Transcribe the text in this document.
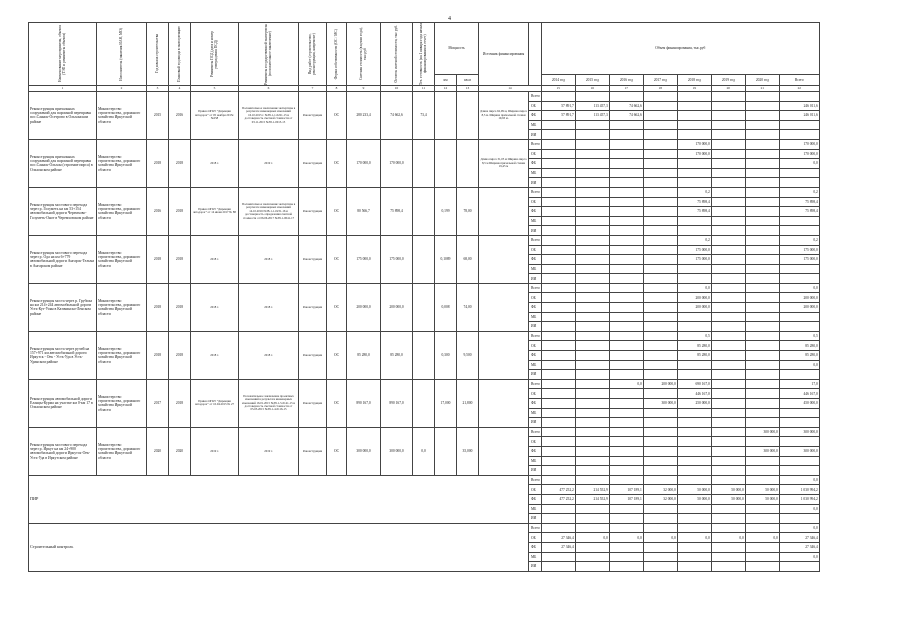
4
Наименование мероприятия, объекта (ТЭП и реквизиты объекта)	Исполнитель (заказчик ИАН, МО)	Год начала строительства	Плановый год ввода в эксплуатацию	Реквизиты ПСД (дата и номер утверждения ПСД)	Реквизиты государственной экспертизы (положительное заключение)	Вид работ (строительство, реконструкция, капремонт)	Форма собственности (ОС / МС)	Сметная стоимость (в ценах года), тыс.руб	Остаток сметной стоимости, тыс руб.	Тех. готовность (на 1 января года начала финансирования в отчет)	Мощность		Источник финансирования		Объем финансирования, тыс.руб							
											км	кв.м			2014 год	2015 год	2016 год	2017 год	2018 год	2019 год	2020 год	Всего
1	2	3	4	5	6	7	8	9	10	11	12	13	14		15	16	17	18	19	20	21	22
Реконструкция причальных сооружений для паромной переправы пос.Саянск-Осетрово в Ольхонском районе	Министерство строительства, дорожного хозяйства Иркутской области	2015	2016	Приказ ОГКУ "Дирекция автодорог" от 05 ноября 2015г. №258	Положительное заключение экспертизы в результате инженерных изысканий 16.10.2015 г. №38-1-1-0221-15 и достоверность сметной стоимости от 03.11.2015 №38-1-0013-15	Реконструкция	ОС	280 233,4	74 662,6	73,4			Длина пирса 62,09 м, Ширина пирса 8,5 м. Ширина причальной стенки 19,93 м.	Всего								
														ОБ	57 891,7	113 457,3	74 662,6					246 011,6
														ФБ	57 891,7	113 457,3	74 662,6					246 011,6
														МБ								
														ИИ								
Реконструкция причальных сооружений для паромной переправы пос.Саянск-Ольхон (строение пирса) в Ольхонском районе	Министерство строительства, дорожного хозяйства Иркутской области	2018	2018	2018 г.	2019 г.	Реконструкция	ОС	170 000,0	170 000,0				Длина пирса 31,05 м Ширина пирса 8,5 м Ширина причальной стенки 19,45 м	Всего					170 000,0			170 000,0
														ОБ					170 000,0			170 000,0
														ФБ								0,0
														МБ								
														ИИ								
Реконструкция мостового перехода через р. Голуметь на км 53+154 автомобильной дороги Черемхово-Голуметь-Онот в Черемховском районе	Министерство строительства, дорожного хозяйства Иркутской области	2016	2018	Приказ ОГКУ "Дирекция автодорог" от 14 июня 2017 № 88	Положительное заключение экспертизы в результате инженерных изысканий 14.10.2016 №38-1-1-0231-16 и достоверность определения сметной стоимости от 06.06.2017 №38-1-0041-17	Реконструкция	ОС	80 566,7	75 898,4		0,199	78,00		Всего					0,2			0,2
														ОБ					75 898,4			75 898,4
														ФБ					75 898,4			75 898,4
														МБ								
														ИИ								
Реконструкция мостового перехода через р. Ода на км 6+779 автомобильной дороги Ангарск-Тельма в Ангарском районе	Министерство строительства, дорожного хозяйства Иркутской области	2018	2018	2018 г.	2018 г.	Реконструкция	ОС	175 000,0	175 000,0		0,1089	68,00		Всего					0,2			0,2
														ОБ					175 000,0			175 000,0
														ФБ					175 000,0			175 000,0
														МБ								
														ИИ								
Реконструкция моста через р. Грубиха на км 214+244 автомобильной дороги Усть-Кут-Уоян в Казачинско-Ленском районе	Министерство строительства, дорожного хозяйства Иркутской области	2018	2018	2018 г.	2018 г.	Реконструкция	ОС	200 000,0	200 000,0		0,008	74,00		Всего					0,0			0,0
														ОБ					200 000,0			200 000,0
														ФБ					200 000,0			200 000,0
														МБ								
														ИИ								
Реконструкция моста через ручей на 157+971 км автомобильной дороги Иркутск - Оек - Усть-Уда в Усть-Удинском районе	Министерство строительства, дорожного хозяйства Иркутской области	2018	2018	2018 г.	2018 г.	Реконструкция	ОС	85 280,0	85 280,0		0,300	9,500		Всего					0,5			0,5
														ОБ					85 280,0			85 280,0
														ФБ					85 280,0			85 280,0
														МБ								0,0
														ИИ								
Реконструкция автомобильной дороги Еланцы-Курма на участке км 0-км 17 в Ольхонском районе	Министерство строительства, дорожного хозяйства Иркутской области	2017	2018	Приказ ОГКУ "Дирекция автодорог" от 10.04.2015 № 27	Положительное заключение проектных изысканий в результате инженерных изысканий 16.01.2015 №38-1-5-0141-15 и достоверность сметной стоимости от 05.03.2015 №38-1-4-0116-15	Реконструкция	ОС	890 167,0	890 167,0		17,000	21,800		Всего			0,0	200 000,0	690 167,0			17,0
														ОБ					446 167,0			446 167,0
														ФБ				300 000,0	250 000,0			450 000,0
														МБ								
														ИИ								
Реконструкция мостового перехода через р. Иркут на км 24+900 автомобильной дороги Иркутск-Оек-Усть-Уда в Иркутском районе	Министерство строительства, дорожного хозяйства Иркутской области	2020	2020	2019 г.	2019 г.	Реконструкция	ОС	300 000,0	300 000,0	0,0		35,000		Всего							300 000,0	300 000,0
														ОБ								
														ФБ							300 000,0	300 000,0
														МБ								
														ИИ								
ПИР														Всего								0,0
														ОБ	477 252,2	214 552,9	107 189,1	32 000,0	50 000,0	50 000,0	50 000,0	1 030 994,2
														ФБ	477 252,2	214 552,9	107 189,1	32 000,0	50 000,0	50 000,0	50 000,0	1 030 994,2
														МБ								0,0
														ИИ								
Строительный контроль														Всего								0,0
														ОБ	27 346,4	0,0	0,0	0,0	0,0	0,0	0,0	27 346,4
														ФБ	27 346,4							27 346,4
														МБ								0,0
														ИИ								
